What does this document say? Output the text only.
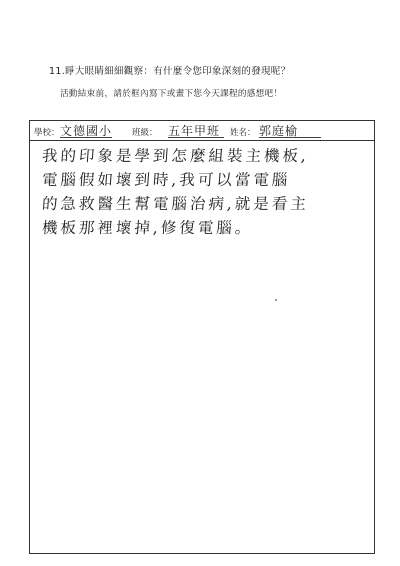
11.睜大眼睛細細觀察：有什麼令您印象深刻的發現呢？
活動結束前，請於框內寫下或畫下您今天課程的感想吧！
學校： 文德國小 班級： 五年甲班 姓名： 郭庭榆
我的印象是學到怎麼組裝主機板,
電腦假如壞到時,我可以當電腦
的急救醫生幫電腦治病,就是看主
機板那裡壞掉,修復電腦。
